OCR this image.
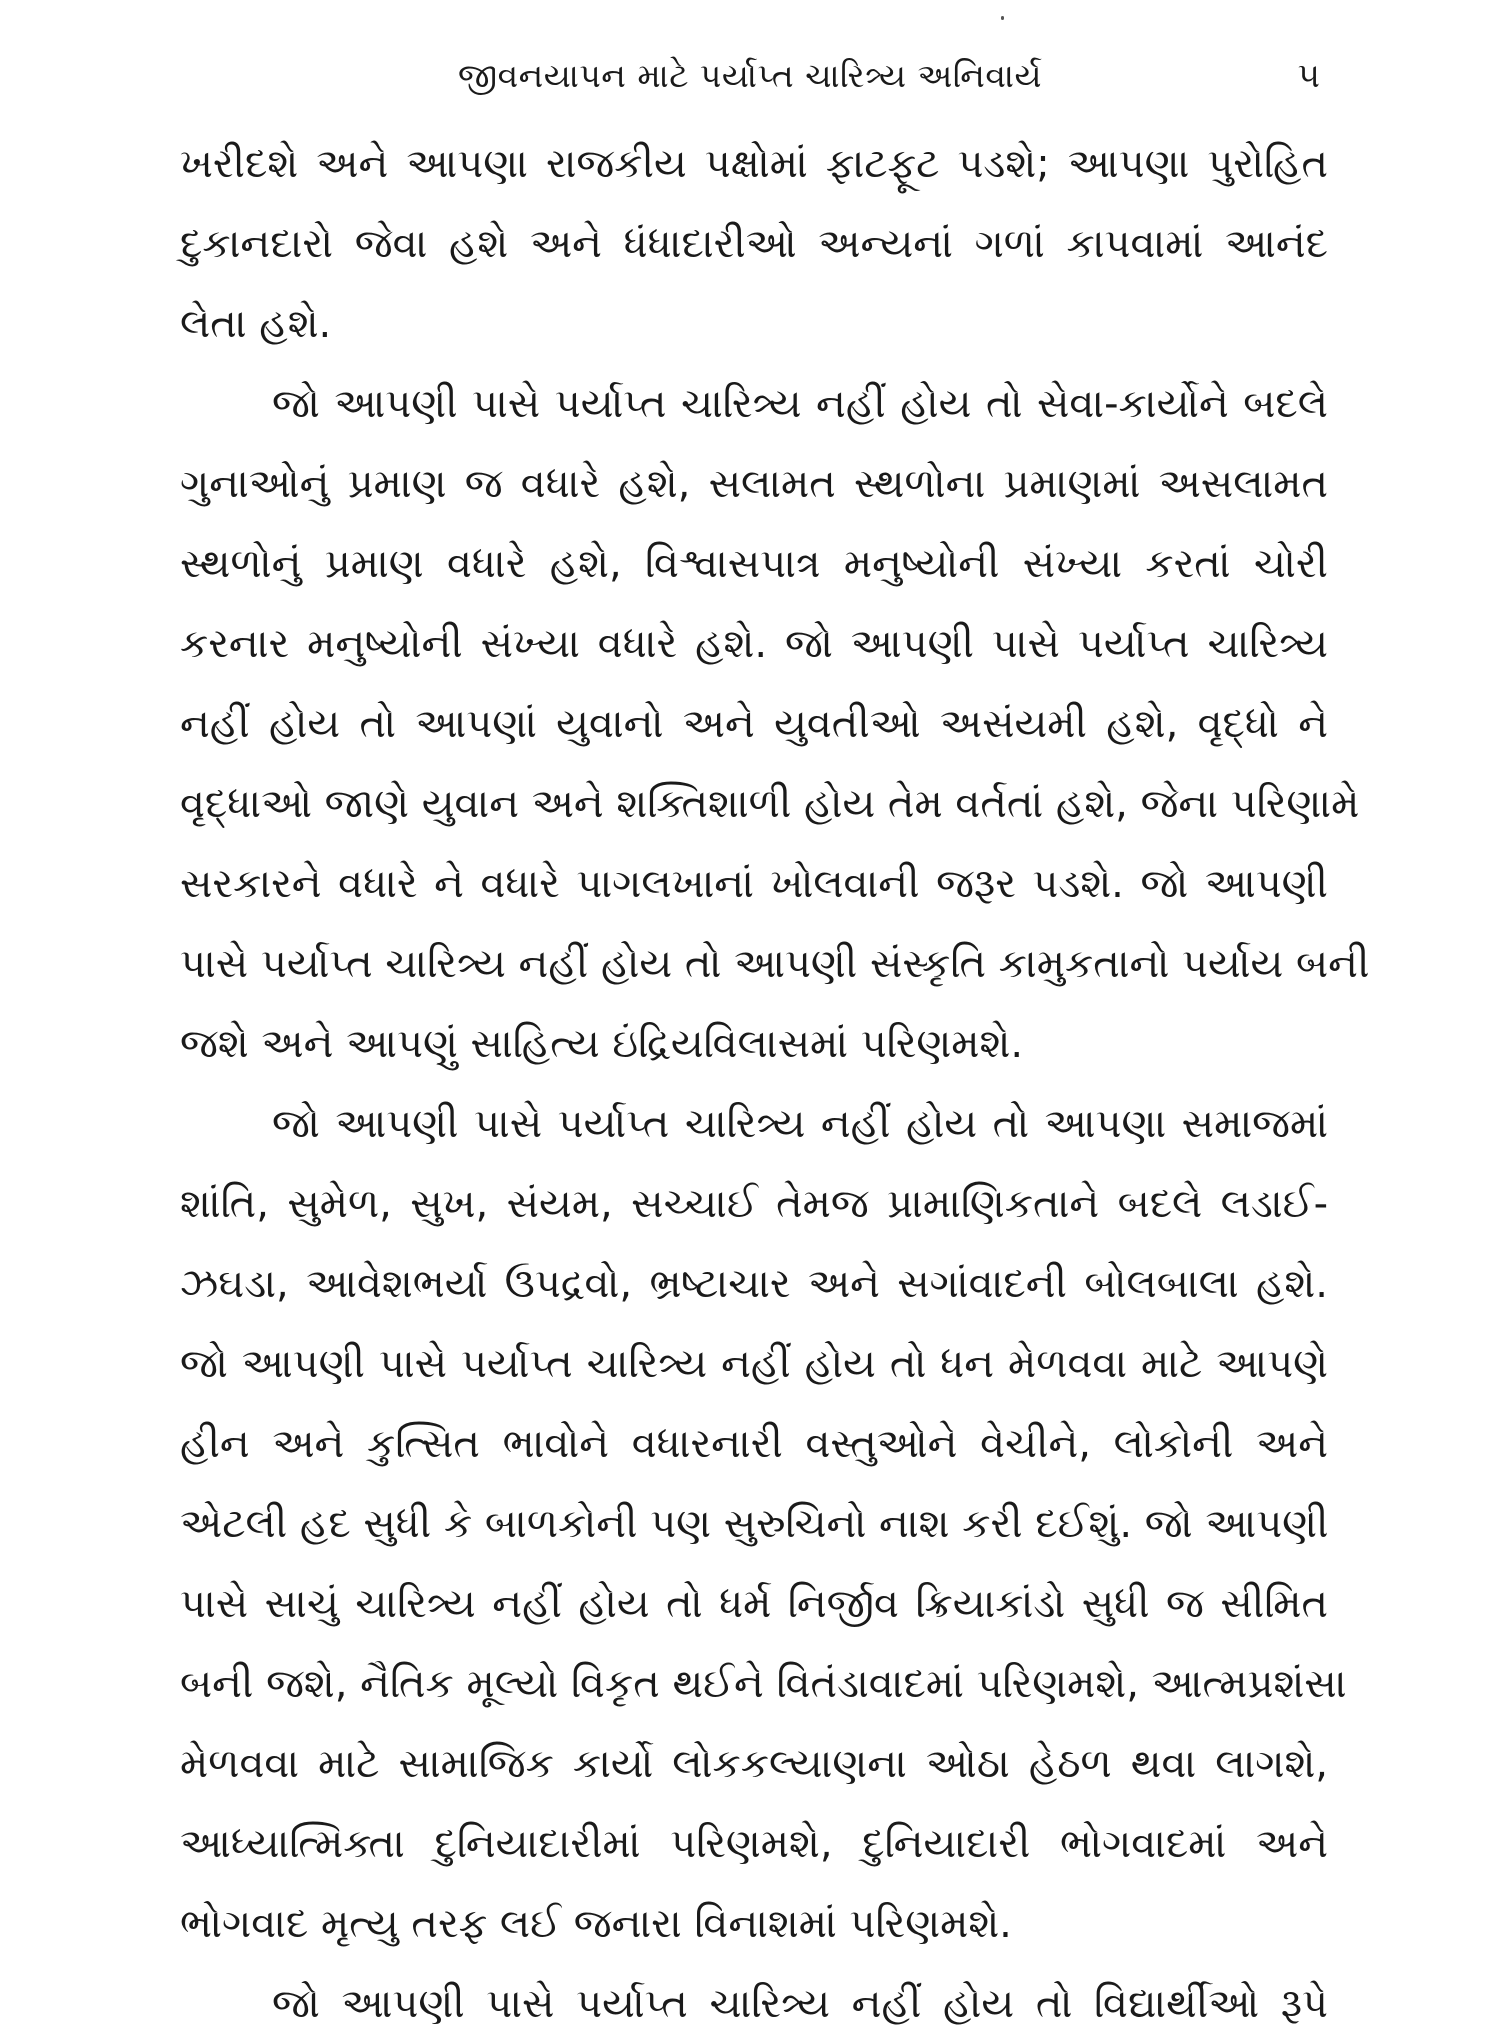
જીવનયાપન માટે પર્યાપ્ત ચારિત્ર્ય અનિવાર્ય	૫
ખરીદશે અને આપણા રાજકીય પક્ષોમાં ફાટફૂટ પડશે; આપણા પુરોહિત
દુકાનદારો જેવા હશે અને ધંધાદારીઓ અન્યનાં ગળાં કાપવામાં આનંદ
લેતા હશે.
જો આપણી પાસે પર્યાપ્ત ચારિત્ર્ય નહીં હોય તો સેવા-કાર્યોને બદલે
ગુનાઓનું પ્રમાણ જ વધારે હશે, સલામત સ્થળોના પ્રમાણમાં અસલામત
સ્થળોનું પ્રમાણ વધારે હશે, વિશ્વાસપાત્ર મનુષ્યોની સંખ્યા કરતાં ચોરી
કરનાર મનુષ્યોની સંખ્યા વધારે હશે. જો આપણી પાસે પર્યાપ્ત ચારિત્ર્ય
નહીં હોય તો આપણાં યુવાનો અને યુવતીઓ અસંયમી હશે, વૃદ્ધો ને
વૃદ્ધાઓ જાણે યુવાન અને શક્તિશાળી હોય તેમ વર્તતાં હશે, જેના પરિણામે
સરકારને વધારે ને વધારે પાગલખાનાં ખોલવાની જરૂર પડશે. જો આપણી
પાસે પર્યાપ્ત ચારિત્ર્ય નહીં હોય તો આપણી સંસ્કૃતિ કામુકતાનો પર્યાય બની
જશે અને આપણું સાહિત્ય ઇંદ્રિયવિલાસમાં પરિણમશે.
જો આપણી પાસે પર્યાપ્ત ચારિત્ર્ય નહીં હોય તો આપણા સમાજમાં
શાંતિ, સુમેળ, સુખ, સંયમ, સચ્ચાઈ તેમજ પ્રામાણિકતાને બદલે લડાઈ-
ઝઘડા, આવેશભર્યા ઉપદ્રવો, ભ્રષ્ટાચાર અને સગાંવાદની બોલબાલા હશે.
જો આપણી પાસે પર્યાપ્ત ચારિત્ર્ય નહીં હોય તો ધન મેળવવા માટે આપણે
હીન અને કુત્સિત ભાવોને વધારનારી વસ્તુઓને વેચીને, લોકોની અને
એટલી હદ સુધી કે બાળકોની પણ સુરુચિનો નાશ કરી દઈશું. જો આપણી
પાસે સાચું ચારિત્ર્ય નહીં હોય તો ધર્મ નિર્જીવ ક્રિયાકાંડો સુધી જ સીમિત
બની જશે, નૈતિક મૂલ્યો વિકૃત થઈને વિતંડાવાદમાં પરિણમશે, આત્મપ્રશંસા
મેળવવા માટે સામાજિક કાર્યો લોકકલ્યાણના ઓઠા હેઠળ થવા લાગશે,
આધ્યાત્મિક્તા દુનિયાદારીમાં પરિણમશે, દુનિયાદારી ભોગવાદમાં અને
ભોગવાદ મૃત્યુ તરફ લઈ જનારા વિનાશમાં પરિણમશે.
જો આપણી પાસે પર્યાપ્ત ચારિત્ર્ય નહીં હોય તો વિદ્યાર્થીઓ રૂપે
